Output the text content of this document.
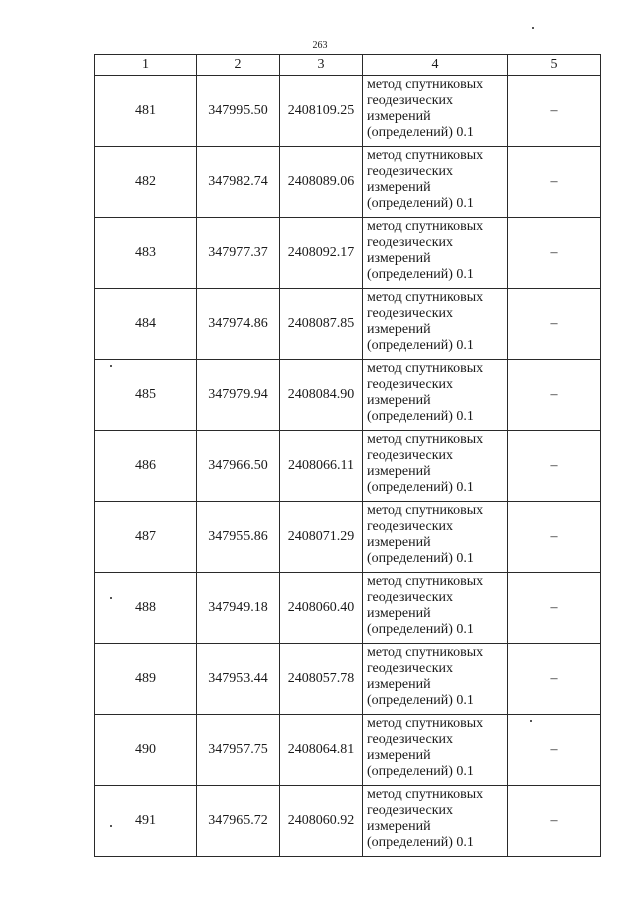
263
1	2	3	4	5
481	347995.50	2408109.25	метод спутниковых
геодезических
измерений
(определений) 0.1	–
482	347982.74	2408089.06	метод спутниковых
геодезических
измерений
(определений) 0.1	–
483	347977.37	2408092.17	метод спутниковых
геодезических
измерений
(определений) 0.1	–
484	347974.86	2408087.85	метод спутниковых
геодезических
измерений
(определений) 0.1	–
485	347979.94	2408084.90	метод спутниковых
геодезических
измерений
(определений) 0.1	–
486	347966.50	2408066.11	метод спутниковых
геодезических
измерений
(определений) 0.1	–
487	347955.86	2408071.29	метод спутниковых
геодезических
измерений
(определений) 0.1	–
488	347949.18	2408060.40	метод спутниковых
геодезических
измерений
(определений) 0.1	–
489	347953.44	2408057.78	метод спутниковых
геодезических
измерений
(определений) 0.1	–
490	347957.75	2408064.81	метод спутниковых
геодезических
измерений
(определений) 0.1	–
491	347965.72	2408060.92	метод спутниковых
геодезических
измерений
(определений) 0.1	–
